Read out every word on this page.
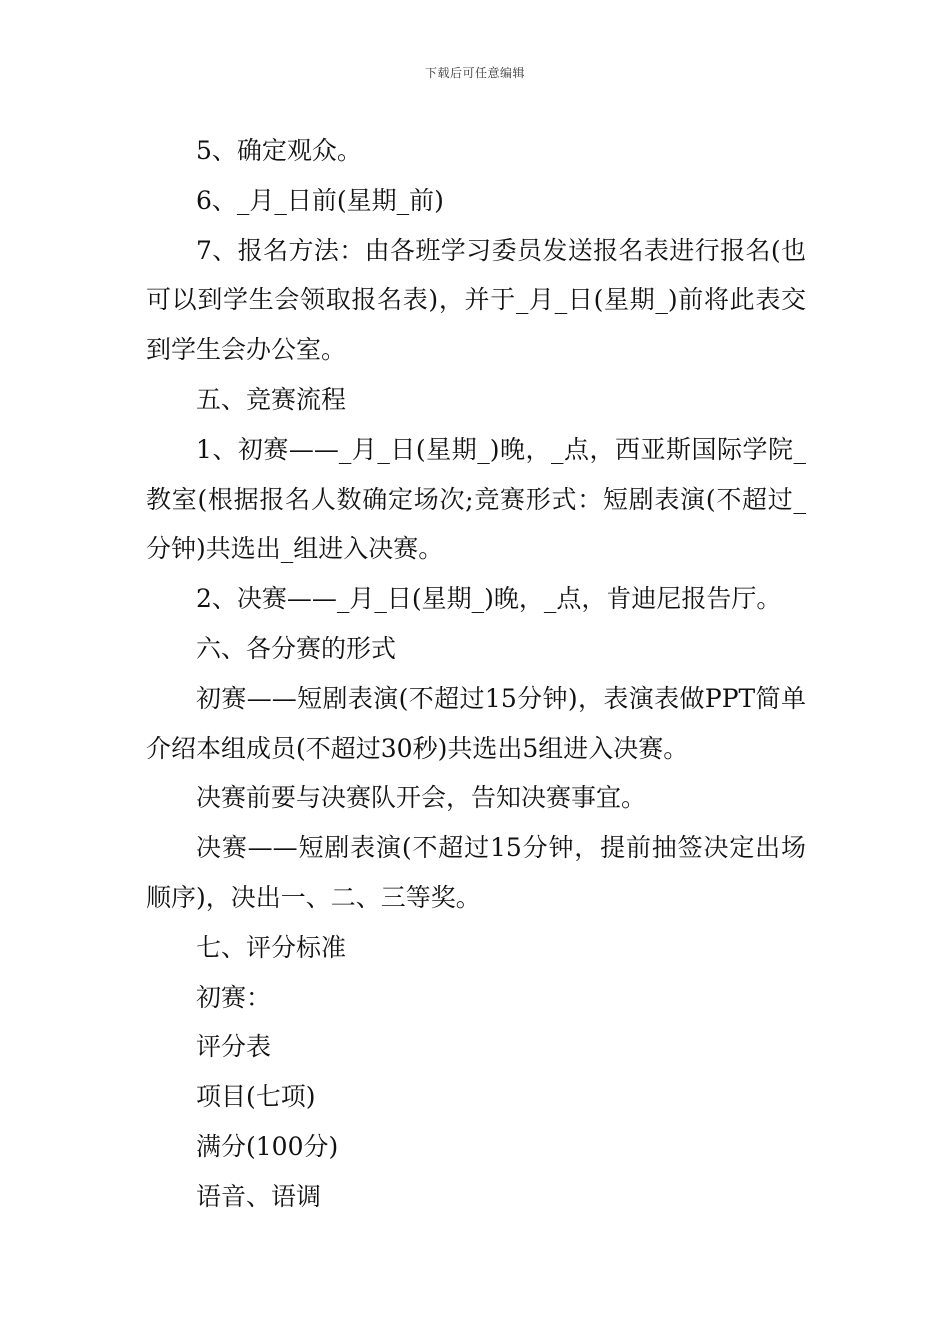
下载后可任意编辑

5、确定观众。

6、_月_日前(星期_前)

7、报名方法：由各班学习委员发送报名表进行报名(也可以到学生会领取报名表)，并于_月_日(星期_)前将此表交到学生会办公室。

五、竞赛流程

1、初赛——_月_日(星期_)晚，_点，西亚斯国际学院_教室(根据报名人数确定场次;竞赛形式：短剧表演(不超过_分钟)共选出_组进入决赛。

2、决赛——_月_日(星期_)晚，_点，肯迪尼报告厅。

六、各分赛的形式

初赛——短剧表演(不超过15分钟)，表演表做PPT简单介绍本组成员(不超过30秒)共选出5组进入决赛。

决赛前要与决赛队开会，告知决赛事宜。

决赛——短剧表演(不超过15分钟，提前抽签决定出场顺序)，决出一、二、三等奖。

七、评分标准

初赛：

评分表

项目(七项)

满分(100分)

语音、语调
